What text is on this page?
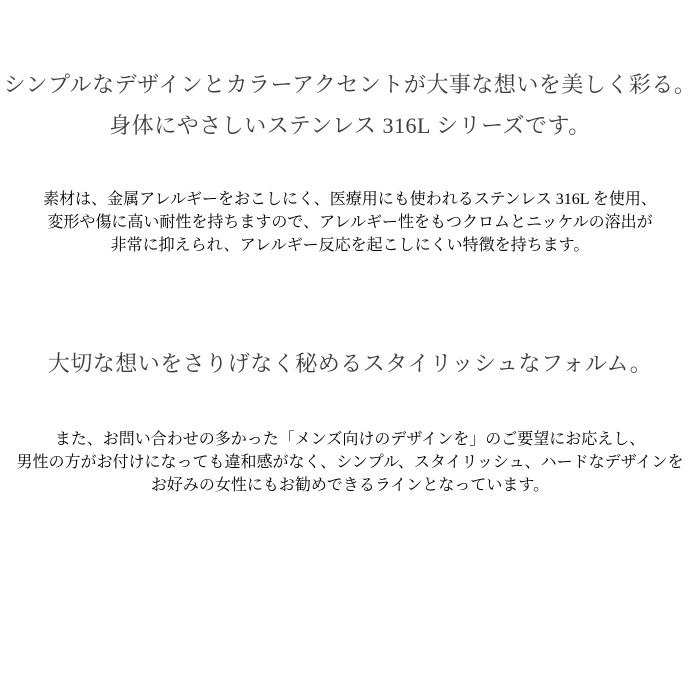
シンプルなデザインとカラーアクセントが大事な想いを美しく彩る。
身体にやさしいステンレス 316L シリーズです。

素材は、金属アレルギーをおこしにく、医療用にも使われるステンレス 316L を使用、
変形や傷に高い耐性を持ちますので、アレルギー性をもつクロムとニッケルの溶出が
非常に抑えられ、アレルギー反応を起こしにくい特徴を持ちます。

大切な想いをさりげなく秘めるスタイリッシュなフォルム。

また、お問い合わせの多かった「メンズ向けのデザインを」のご要望にお応えし、
男性の方がお付けになっても違和感がなく、シンプル、スタイリッシュ、ハードなデザインを
お好みの女性にもお勧めできるラインとなっています。
